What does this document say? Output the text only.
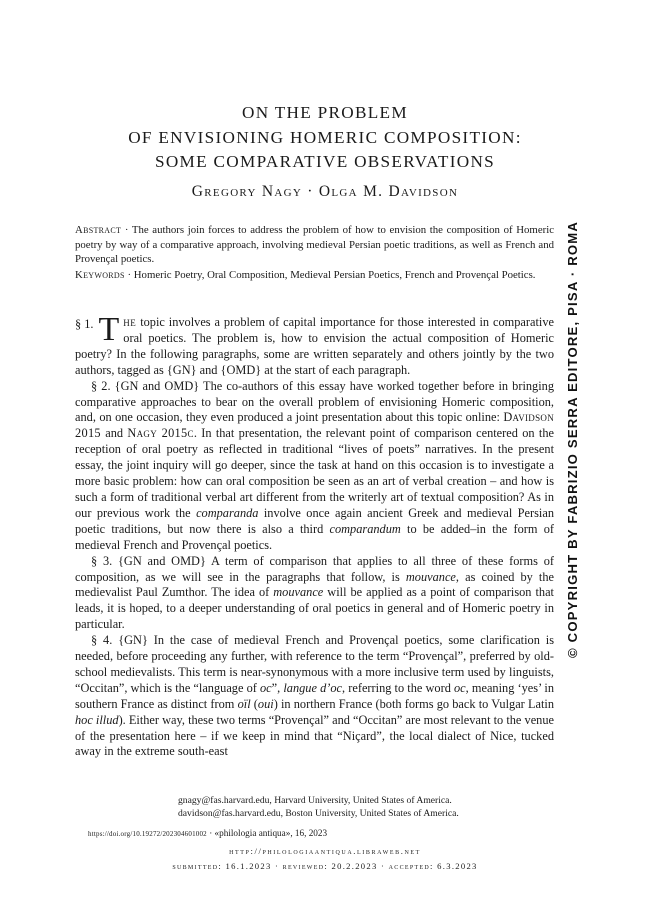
ON THE PROBLEM
OF ENVISIONING HOMERIC COMPOSITION:
SOME COMPARATIVE OBSERVATIONS
Gregory Nagy · Olga M. Davidson
Abstract · The authors join forces to address the problem of how to envision the composition of Homeric poetry by way of a comparative approach, involving medieval Persian poetic traditions, as well as French and Provençal poetics.
Keywords · Homeric Poetry, Oral Composition, Medieval Persian Poetics, French and Provençal Poetics.

§ 1. T he topic involves a problem of capital importance for those interested in comparative oral poetics. The problem is, how to envision the actual composition of Homeric poetry? In the following paragraphs, some are written separately and others jointly by the two authors, tagged as {GN} and {OMD} at the start of each paragraph.

§ 2. {GN and OMD} The co-authors of this essay have worked together before in bringing comparative approaches to bear on the overall problem of envisioning Homeric composition, and, on one occasion, they even produced a joint presentation about this topic online: Davidson 2015 and Nagy 2015c. In that presentation, the relevant point of comparison centered on the reception of oral poetry as reflected in traditional “lives of poets” narratives. In the present essay, the joint inquiry will go deeper, since the task at hand on this occasion is to investigate a more basic problem: how can oral composition be seen as an art of verbal creation – and how is such a form of traditional verbal art different from the writerly art of textual composition? As in our previous work the comparanda involve once again ancient Greek and medieval Persian poetic traditions, but now there is also a third comparandum to be added–in the form of medieval French and Provençal poetics.

§ 3. {GN and OMD} A term of comparison that applies to all three of these forms of composition, as we will see in the paragraphs that follow, is mouvance, as coined by the medievalist Paul Zumthor. The idea of mouvance will be applied as a point of comparison that leads, it is hoped, to a deeper understanding of oral poetics in general and of Homeric poetry in particular.

§ 4. {GN} In the case of medieval French and Provençal poetics, some clarification is needed, before proceeding any further, with reference to the term “Provençal”, preferred by old-school medievalists. This term is near-synonymous with a more inclusive term used by linguists, “Occitan”, which is the “language of oc”, langue d’oc, referring to the word oc, meaning ‘yes’ in southern France as distinct from oïl (oui) in northern France (both forms go back to Vulgar Latin hoc illud). Either way, these two terms “Provençal” and “Occitan” are most relevant to the venue of the presentation here – if we keep in mind that “Niçard”, the local dialect of Nice, tucked away in the extreme south-east

© COPYRIGHT BY FABRIZIO SERRA EDITORE, PISA · ROMA
gnagy@fas.harvard.edu, Harvard University, United States of America.
davidson@fas.harvard.edu, Boston University, United States of America.
https://doi.org/10.19272/202304601002 · «philologia antiqua», 16, 2023
http://philologiaantiqua.libraweb.net
submitted: 16.1.2023 · reviewed: 20.2.2023 · accepted: 6.3.2023
